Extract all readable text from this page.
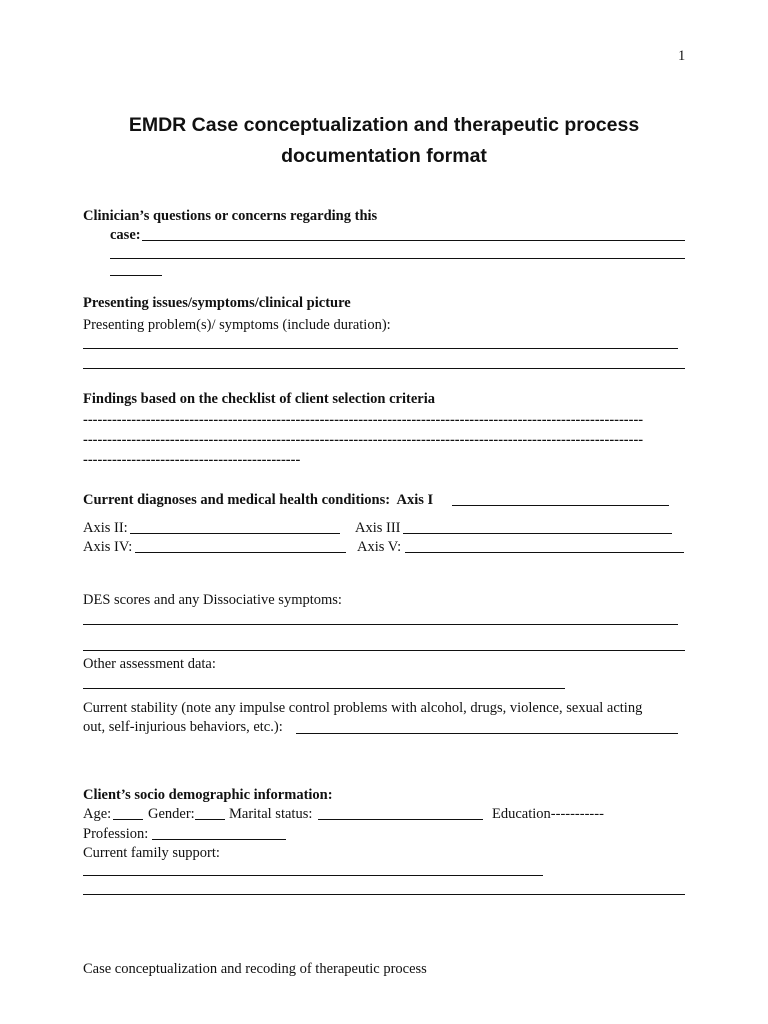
1
EMDR Case conceptualization and therapeutic process
documentation format
Clinician’s questions or concerns regarding this
case:
Presenting issues/symptoms/clinical picture
Presenting problem(s)/ symptoms (include duration):
Findings based on the checklist of client selection criteria
--------------------------------------------------------------------------------------------------------------------
--------------------------------------------------------------------------------------------------------------------
---------------------------------------------
Current diagnoses and medical health conditions:  Axis I
Axis II:	Axis III
Axis IV:	Axis V:
DES scores and any Dissociative symptoms:
Other assessment data:
Current stability (note any impulse control problems with alcohol, drugs, violence, sexual acting
out, self-injurious behaviors, etc.):
Client’s socio demographic information:
Age:	Gender: Marital status:	Education-----------
Profession:
Current family support:
Case conceptualization and recoding of therapeutic process
